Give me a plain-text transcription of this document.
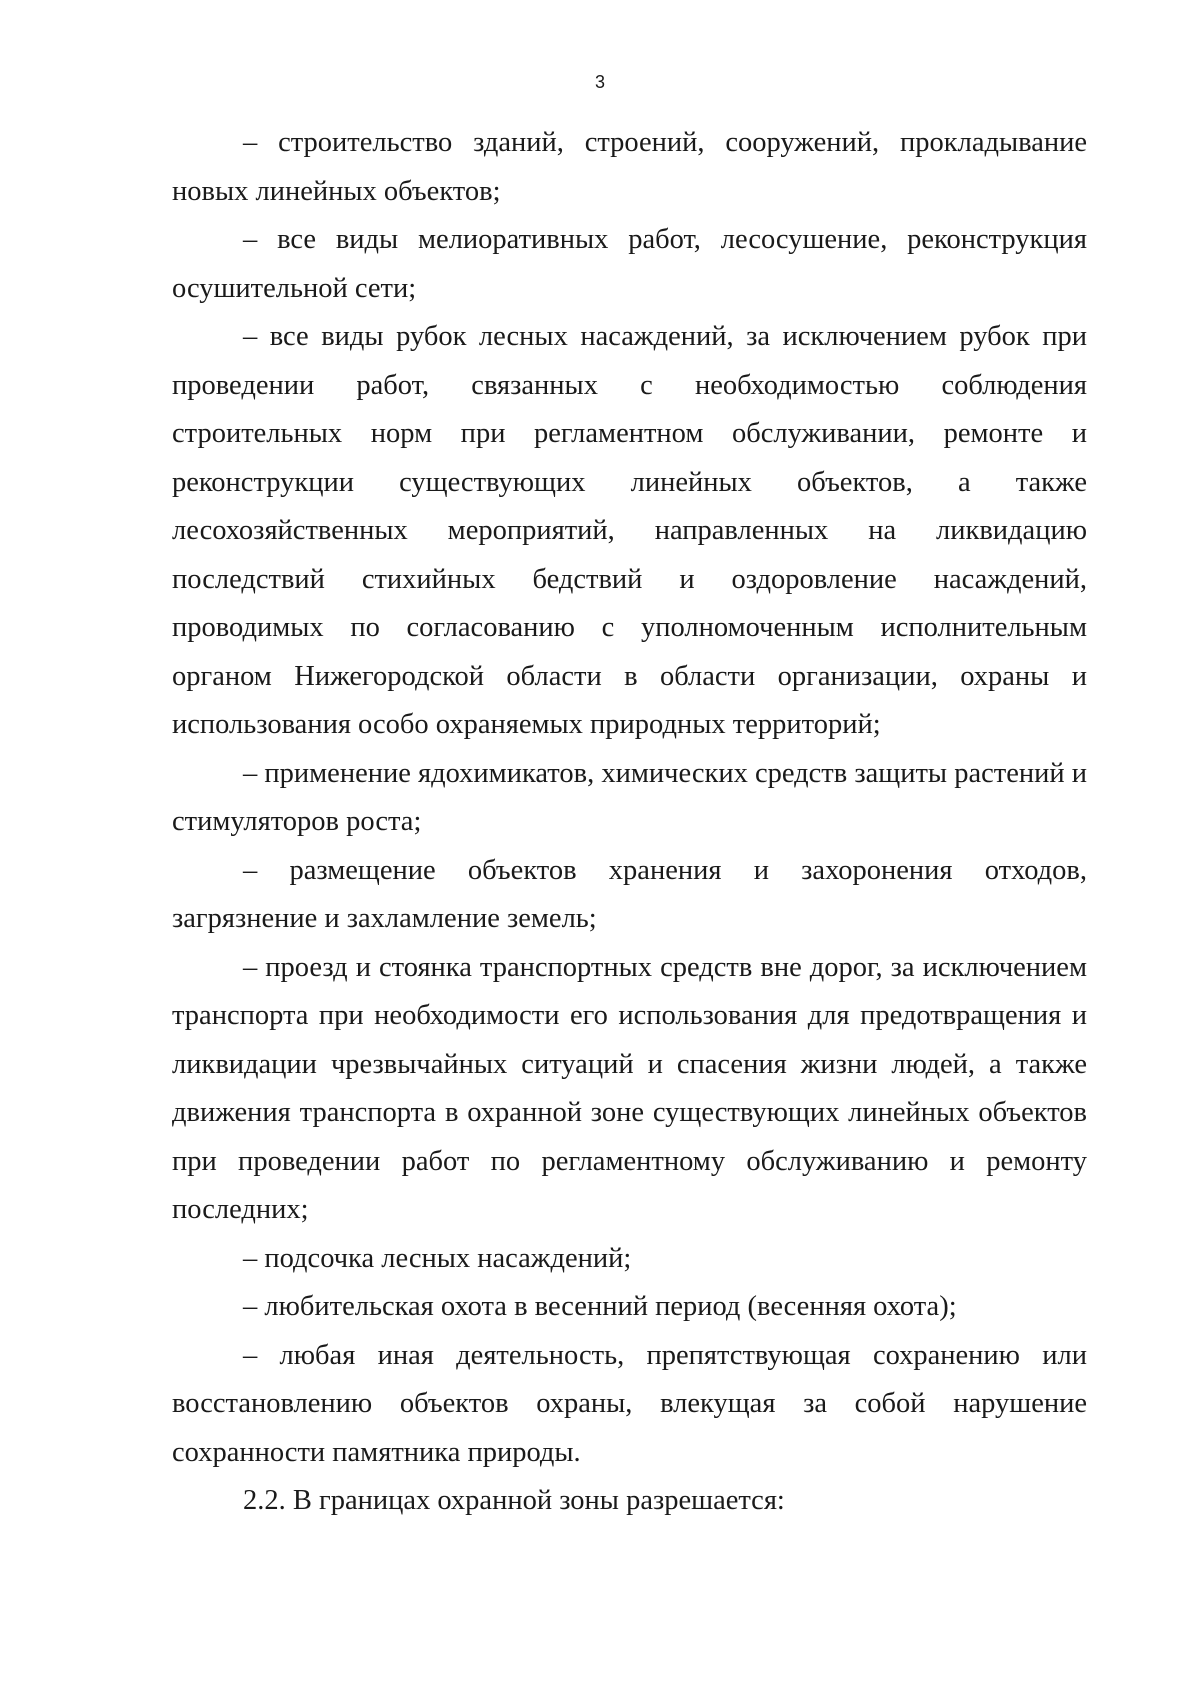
3

– строительство зданий, строений, сооружений, прокладывание новых линейных объектов;

– все виды мелиоративных работ, лесосушение, реконструкция осушительной сети;

– все виды рубок лесных насаждений, за исключением рубок при проведении работ, связанных с необходимостью соблюдения строительных норм при регламентном обслуживании, ремонте и реконструкции существующих линейных объектов, а также лесохозяйственных мероприятий, направленных на ликвидацию последствий стихийных бедствий и оздоровление насаждений, проводимых по согласованию с уполномоченным исполнительным органом Нижегородской области в области организации, охраны и использования особо охраняемых природных территорий;

– применение ядохимикатов, химических средств защиты растений и стимуляторов роста;

– размещение объектов хранения и захоронения отходов, загрязнение и захламление земель;

– проезд и стоянка транспортных средств вне дорог, за исключением транспорта при необходимости его использования для предотвращения и ликвидации чрезвычайных ситуаций и спасения жизни людей, а также движения транспорта в охранной зоне существующих линейных объектов при проведении работ по регламентному обслуживанию и ремонту последних;

– подсочка лесных насаждений;

– любительская охота в весенний период (весенняя охота);

– любая иная деятельность, препятствующая сохранению или восстановлению объектов охраны, влекущая за собой нарушение сохранности памятника природы.

2.2. В границах охранной зоны разрешается:
